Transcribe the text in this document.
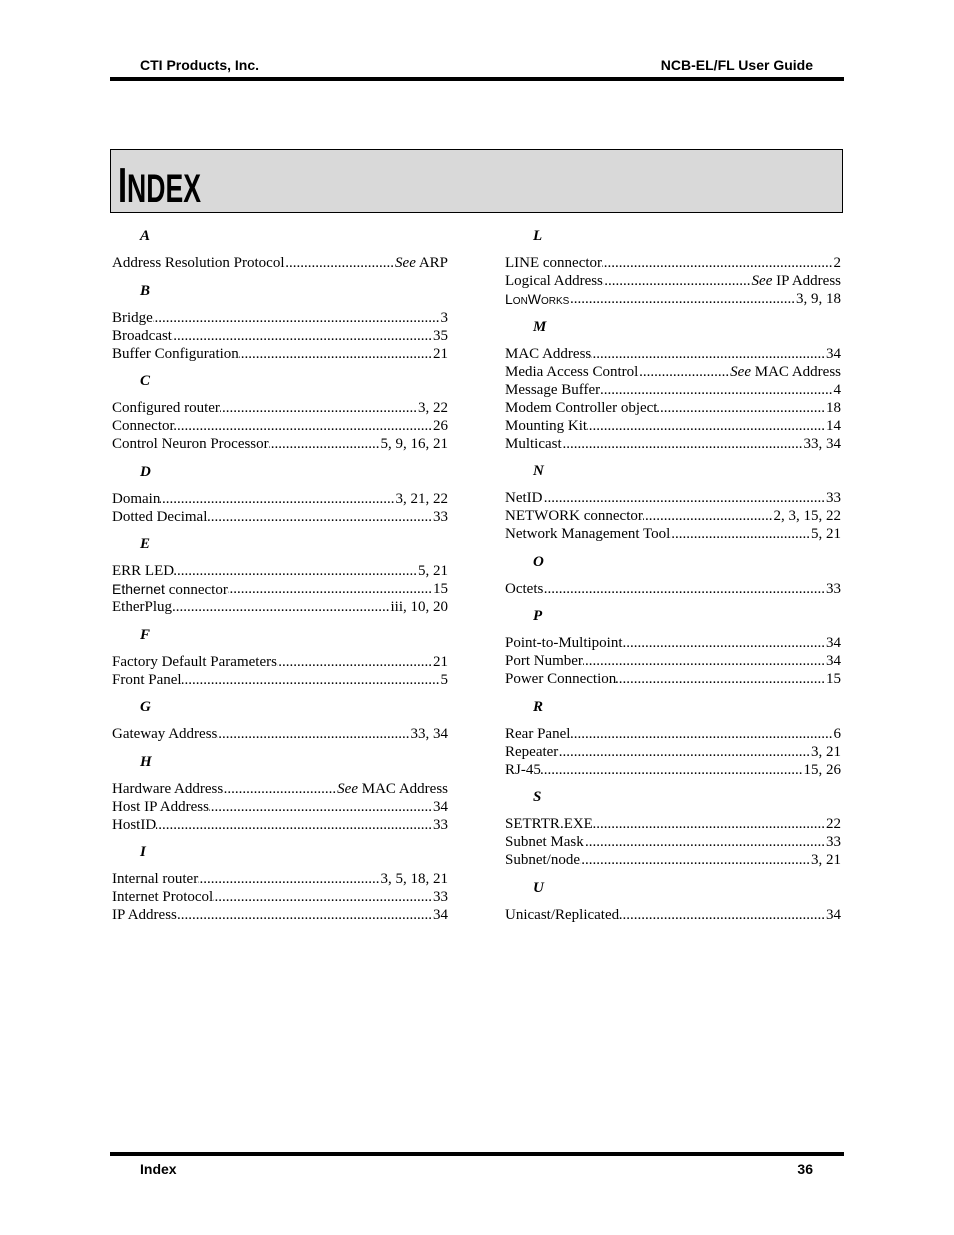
CTI Products, Inc.	NCB-EL/FL User Guide
INDEX
A
Address Resolution Protocol .....	See ARP
B
Bridge .....	3
Broadcast .....	35
Buffer Configuration .....	21
C
Configured router .....	3, 22
Connector .....	26
Control Neuron Processor .....	5, 9, 16, 21
D
Domain .....	3, 21, 22
Dotted Decimal .....	33
E
ERR LED .....	5, 21
Ethernet connector .....	15
EtherPlug .....	iii, 10, 20
F
Factory Default Parameters .....	21
Front Panel .....	5
G
Gateway Address .....	33, 34
H
Hardware Address .....	See MAC Address
Host IP Address .....	34
HostID .....	33
I
Internal router .....	3, 5, 18, 21
Internet Protocol .....	33
IP Address .....	34
L
LINE connector .....	2
Logical Address .....	See IP Address
LonWorks .....	3, 9, 18
M
MAC Address .....	34
Media Access Control .....	See MAC Address
Message Buffer .....	4
Modem Controller object .....	18
Mounting Kit .....	14
Multicast .....	33, 34
N
NetID .....	33
NETWORK connector .....	2, 3, 15, 22
Network Management Tool .....	5, 21
O
Octets .....	33
P
Point-to-Multipoint .....	34
Port Number .....	34
Power Connection .....	15
R
Rear Panel .....	6
Repeater .....	3, 21
RJ-45 .....	15, 26
S
SETRTR.EXE .....	22
Subnet Mask .....	33
Subnet/node .....	3, 21
U
Unicast/Replicated .....	34
Index	36
